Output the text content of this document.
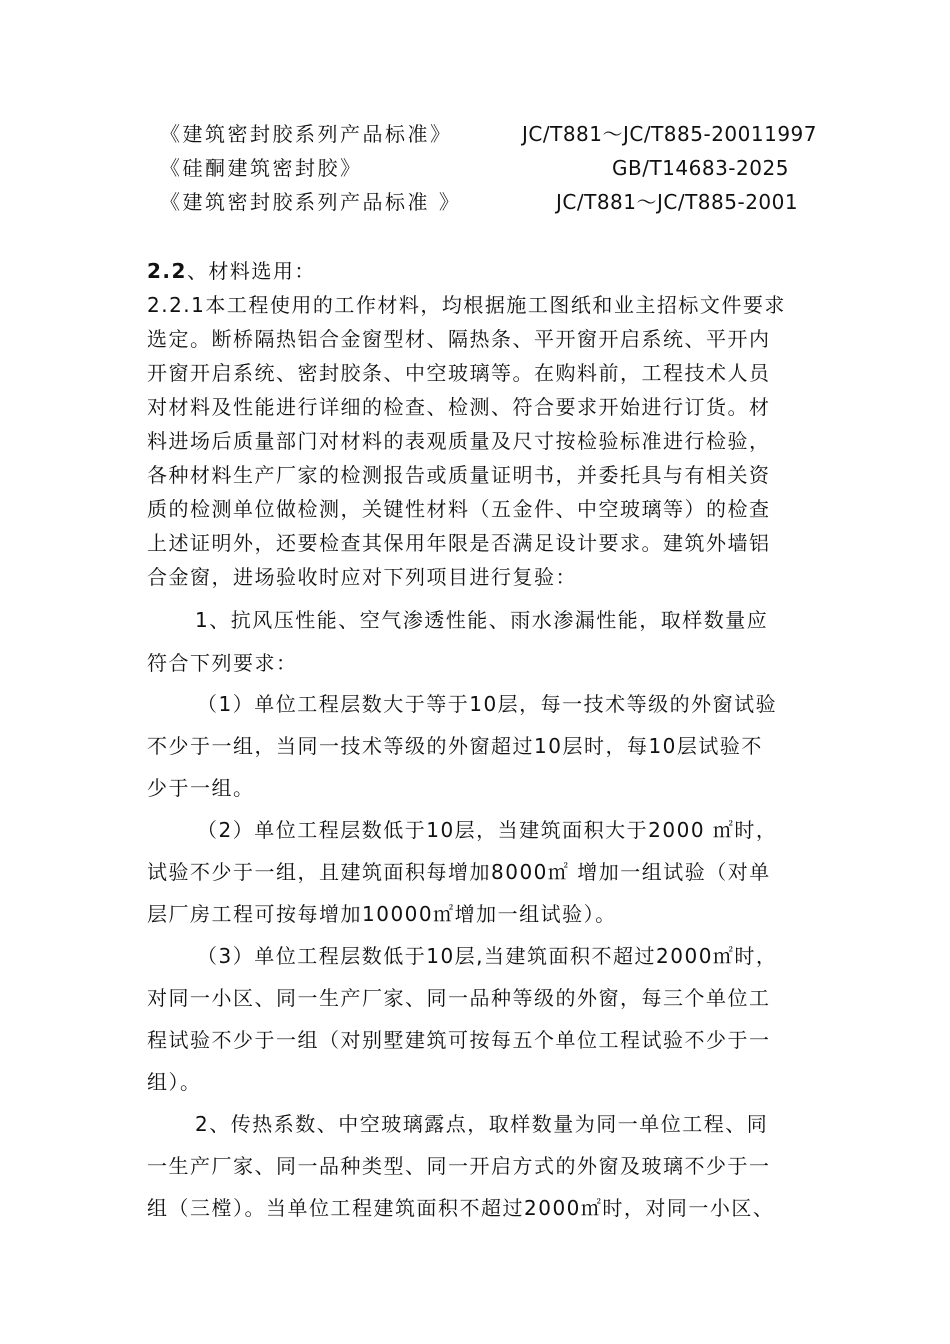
《建筑密封胶系列产品标准》	JC/T881～JC/T885-20011997
《硅酮建筑密封胶》	GB/T14683-2025
《建筑密封胶系列产品标准 》	JC/T881～JC/T885-2001
2.2、材料选用：
2.2.1本工程使用的工作材料，均根据施工图纸和业主招标文件要求
选定。断桥隔热铝合金窗型材、隔热条、平开窗开启系统、平开内
开窗开启系统、密封胶条、中空玻璃等。在购料前，工程技术人员
对材料及性能进行详细的检查、检测、符合要求开始进行订货。材
料进场后质量部门对材料的表观质量及尺寸按检验标准进行检验，
各种材料生产厂家的检测报告或质量证明书，并委托具与有相关资
质的检测单位做检测，关键性材料（五金件、中空玻璃等）的检查
上述证明外，还要检查其保用年限是否满足设计要求。建筑外墙铝
合金窗，进场验收时应对下列项目进行复验：
1、抗风压性能、空气渗透性能、雨水渗漏性能，取样数量应
符合下列要求：
（1）单位工程层数大于等于10层，每一技术等级的外窗试验
不少于一组，当同一技术等级的外窗超过10层时，每10层试验不
少于一组。
（2）单位工程层数低于10层，当建筑面积大于2000 ㎡时，
试验不少于一组，且建筑面积每增加8000㎡ 增加一组试验（对单
层厂房工程可按每增加10000㎡增加一组试验）。
（3）单位工程层数低于10层,当建筑面积不超过2000㎡时，
对同一小区、同一生产厂家、同一品种等级的外窗，每三个单位工
程试验不少于一组（对别墅建筑可按每五个单位工程试验不少于一
组）。
2、传热系数、中空玻璃露点，取样数量为同一单位工程、同
一生产厂家、同一品种类型、同一开启方式的外窗及玻璃不少于一
组（三樘）。当单位工程建筑面积不超过2000㎡时，对同一小区、
